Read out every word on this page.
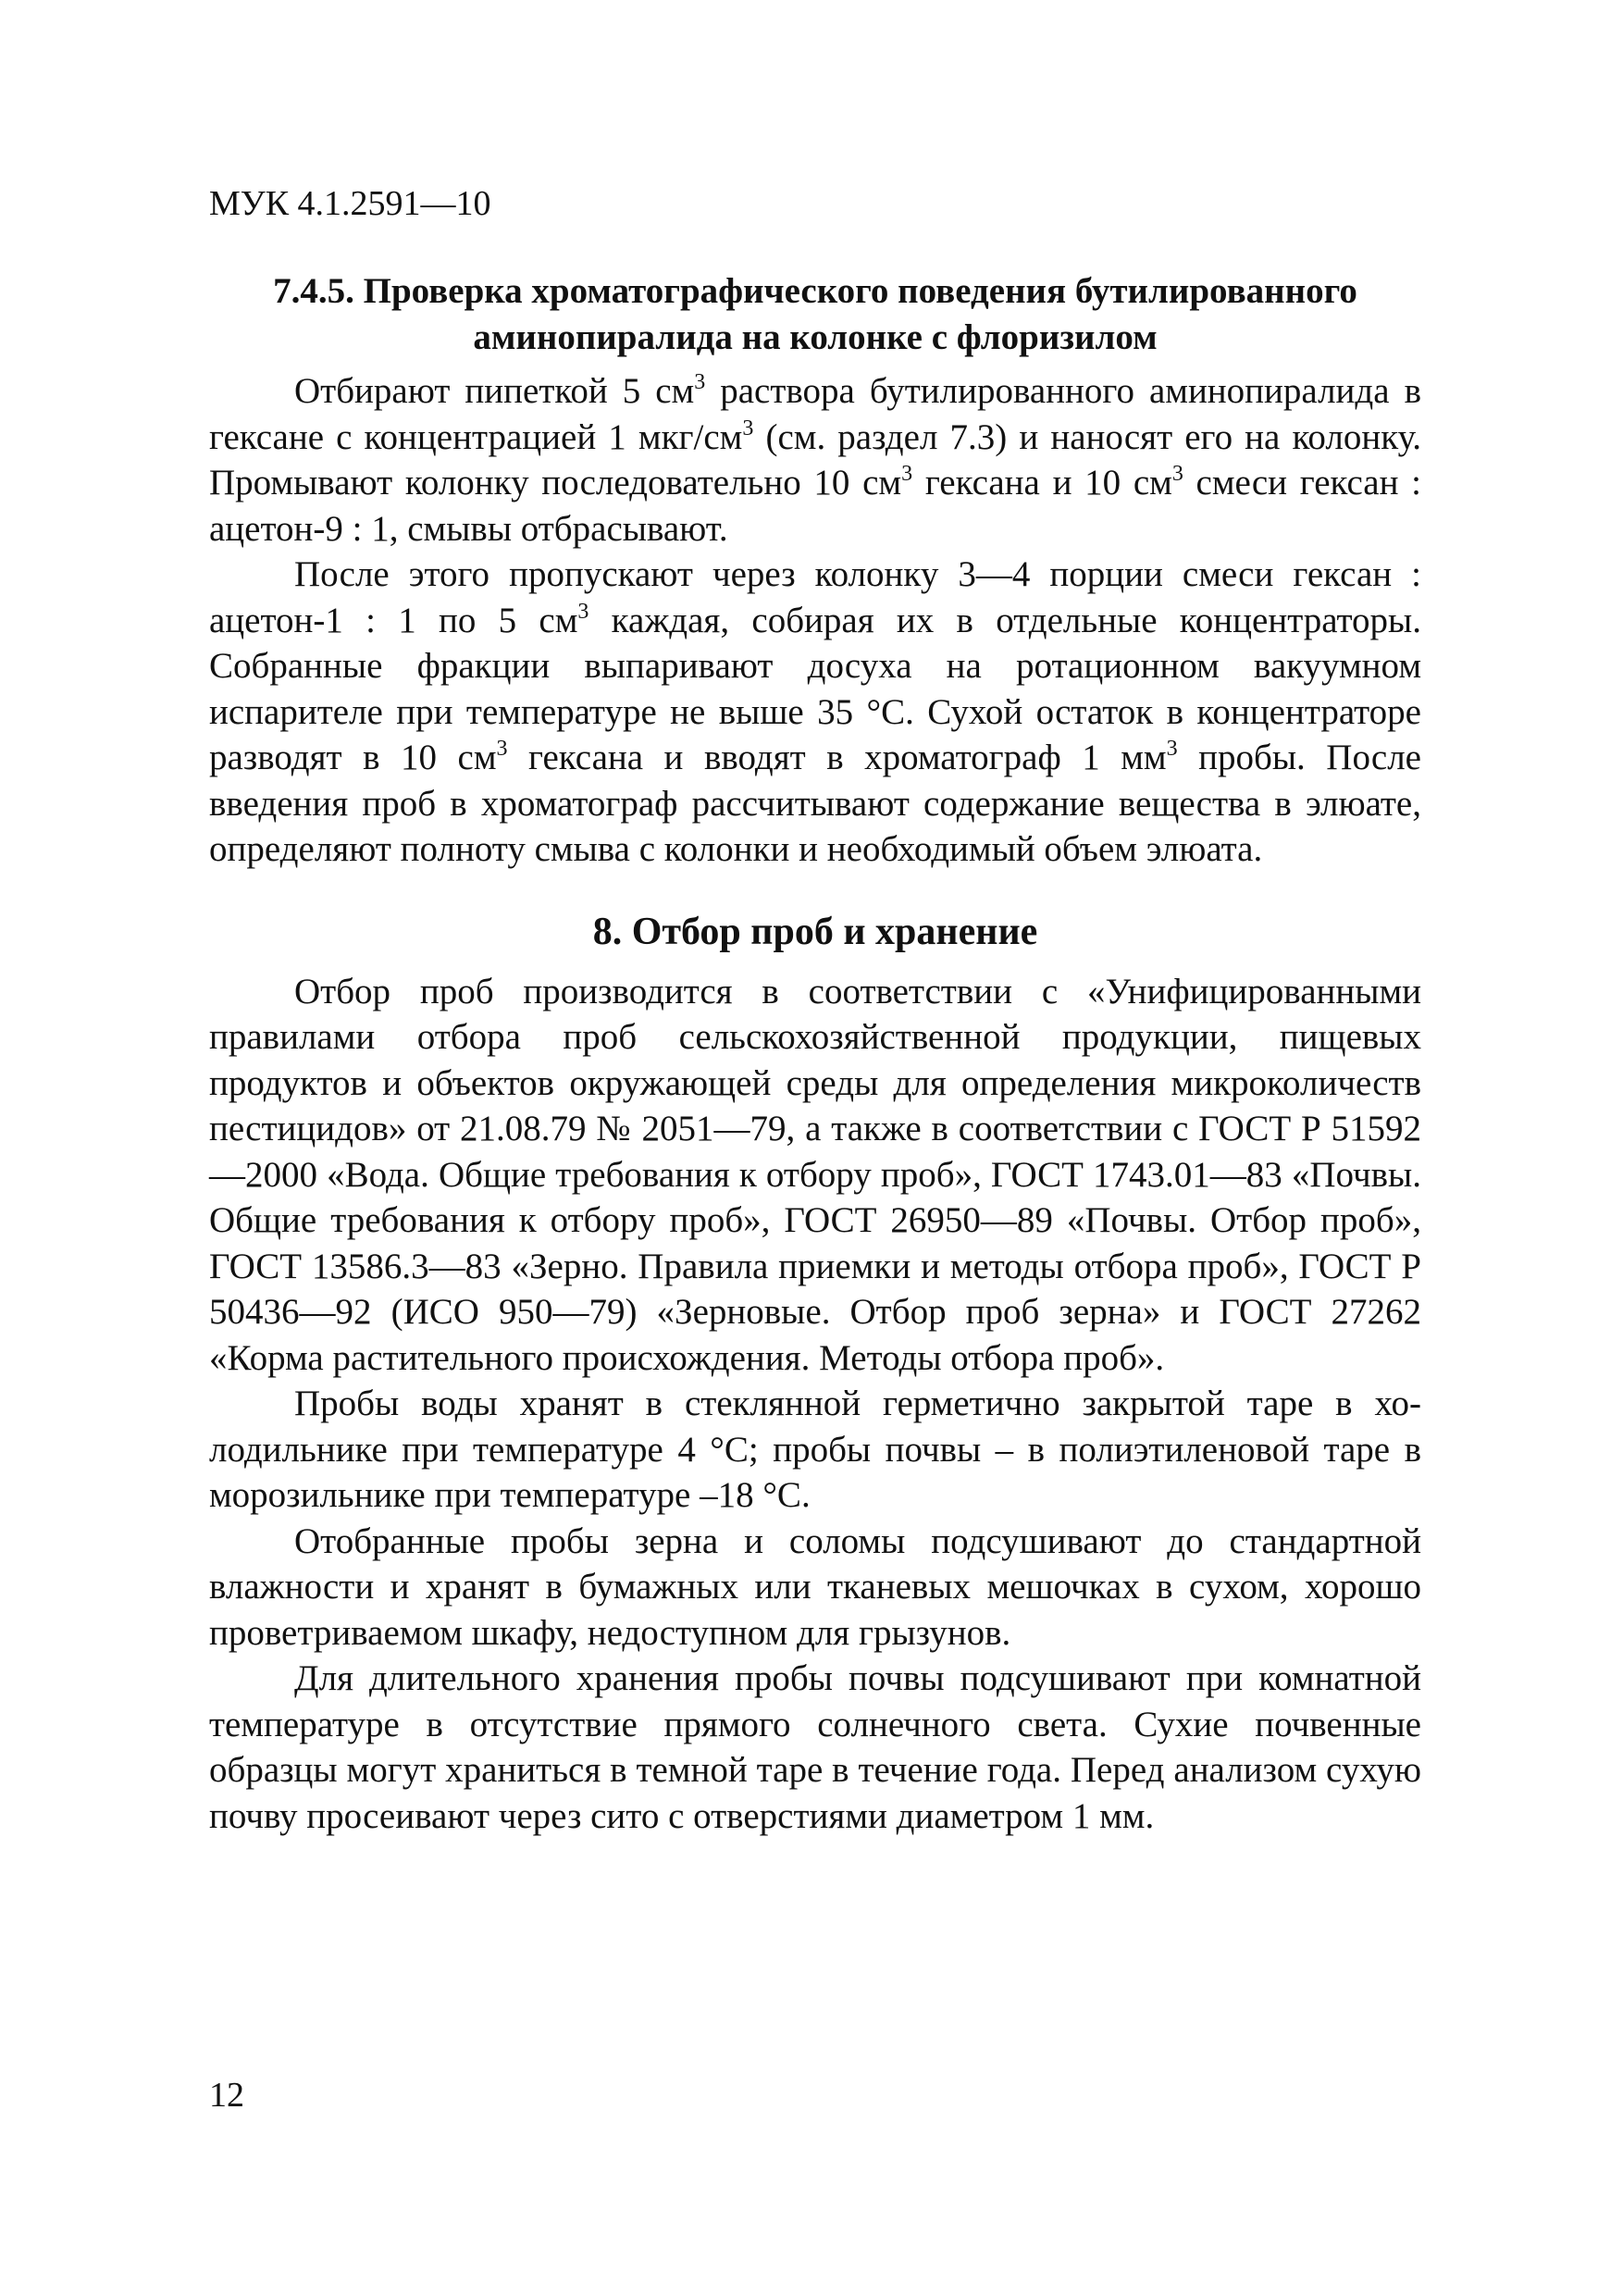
МУК 4.1.2591—10
7.4.5. Проверка хроматографического поведения бутилированного
аминопиралида на колонке с флоризилом

Отбирают пипеткой 5 $см^3$ раствора бутилированного аминопиралида в гексане с концентрацией 1 мкг/$см^3$ (см. раздел 7.3) и наносят его на колонку. Промывают колонку последовательно 10 $см^3$ гексана и 10 $см^3$ смеси гексан : ацетон-9 : 1, смывы отбрасывают.

После этого пропускают через колонку 3—4 порции смеси гексан : ацетон-1 : 1 по 5 $см^3$ каждая, собирая их в отдельные концентраторы. Собранные фракции выпаривают досуха на ротационном вакуумном испарителе при температуре не выше 35 °С. Сухой остаток в концентраторе разводят в 10 $см^3$ гексана и вводят в хроматограф 1 $мм^3$ пробы. После введения проб в хроматограф рассчитывают содержание вещества в элюате, определяют полноту смыва с колонки и необходимый объем элюата.

8. Отбор проб и хранение

Отбор проб производится в соответствии с «Унифицированными правилами отбора проб сельскохозяйственной продукции, пищевых продуктов и объектов окружающей среды для определения микроколичеств пестицидов» от 21.08.79 № 2051—79, а также в соответствии с ГОСТ Р 51592—2000 «Вода. Общие требования к отбору проб», ГОСТ 1743.01—83 «Почвы. Общие требования к отбору проб», ГОСТ 26950—89 «Почвы. Отбор проб», ГОСТ 13586.3—83 «Зерно. Правила приемки и методы отбора проб», ГОСТ Р 50436—92 (ИСО 950—79) «Зерновые. Отбор проб зерна» и ГОСТ 27262 «Корма растительного происхождения. Методы отбора проб».

Пробы воды хранят в стеклянной герметично закрытой таре в холодильнике при температуре 4 °С; пробы почвы – в полиэтиленовой таре в морозильнике при температуре –18 °С.

Отобранные пробы зерна и соломы подсушивают до стандартной влажности и хранят в бумажных или тканевых мешочках в сухом, хорошо проветриваемом шкафу, недоступном для грызунов.

Для длительного хранения пробы почвы подсушивают при комнатной температуре в отсутствие прямого солнечного света. Сухие почвенные образцы могут храниться в темной таре в течение года. Перед анализом сухую почву просеивают через сито с отверстиями диаметром 1 мм.

12
